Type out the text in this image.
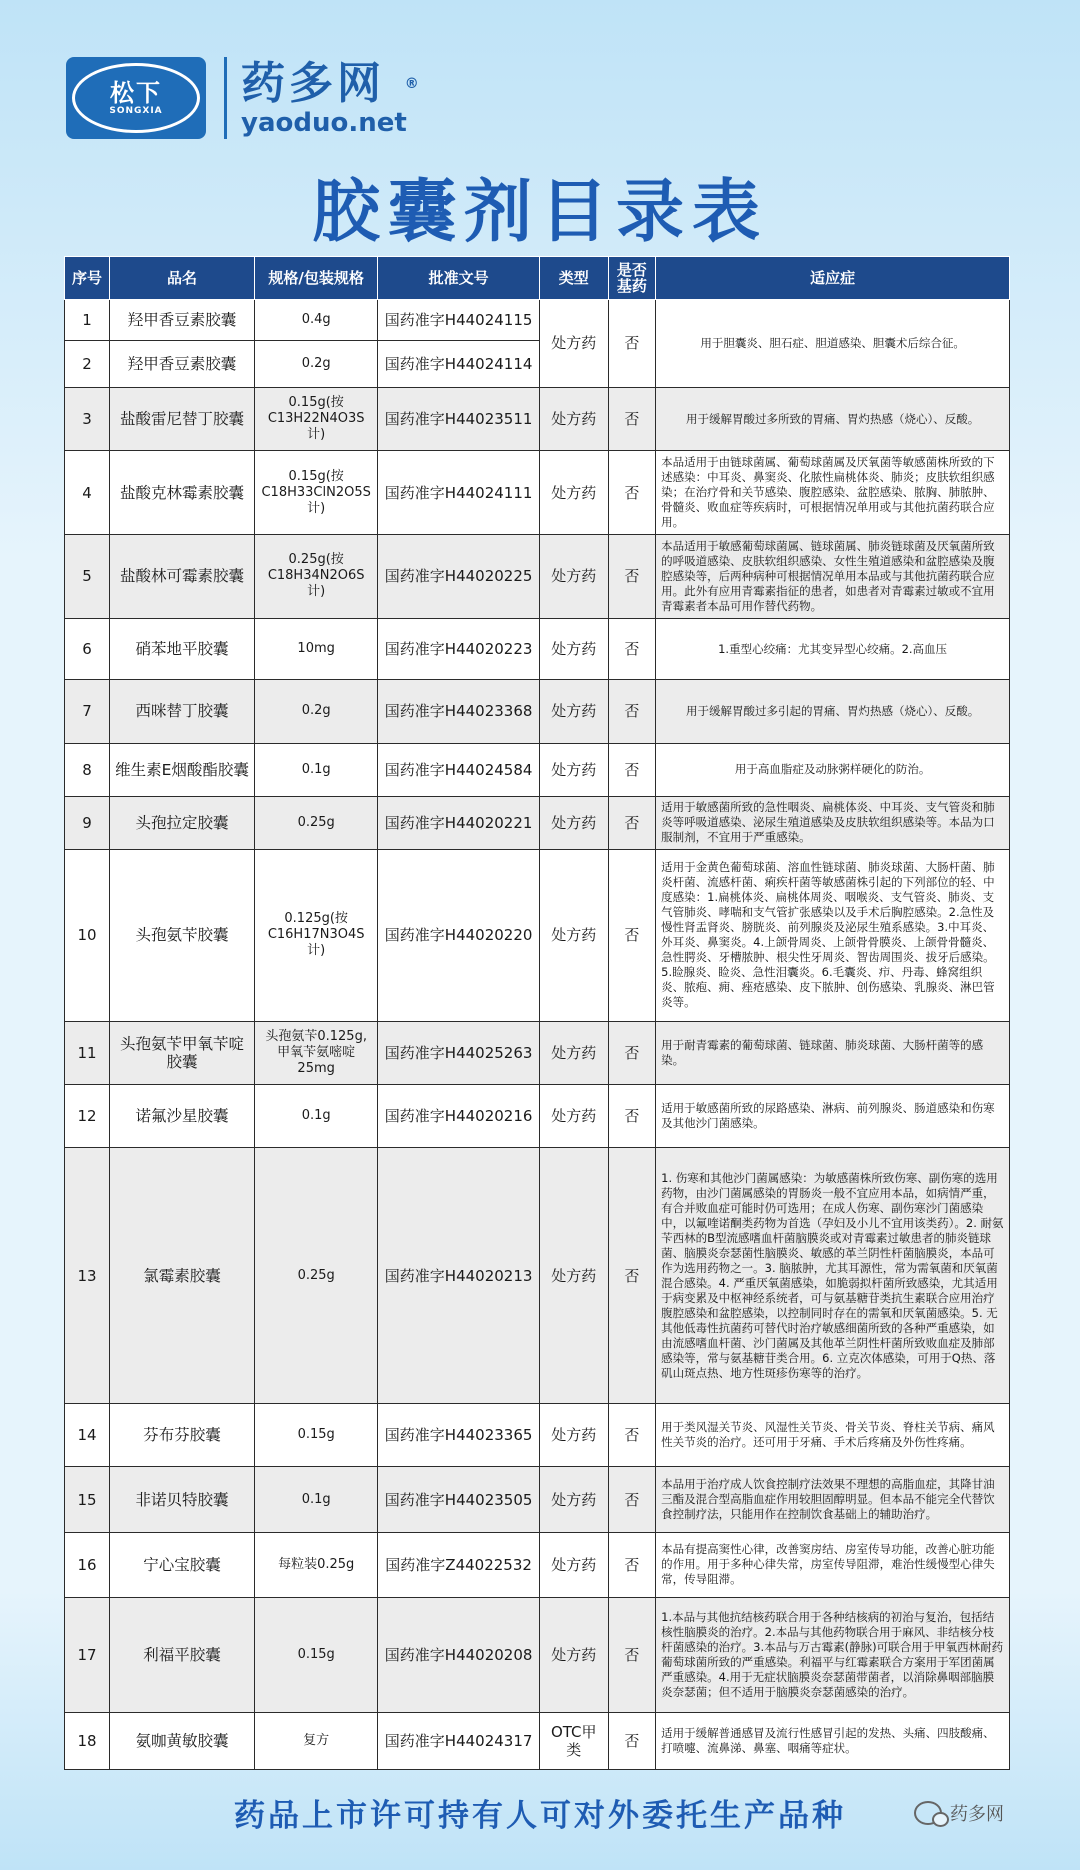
松下
SONGXIA
药多网 ®
yaoduo.net
胶囊剂目录表
序号	品名	规格/包装规格	批准文号	类型	是否基药	适应症
1	羟甲香豆素胶囊	0.4g	国药准字H44024115	处方药	否	用于胆囊炎、胆石症、胆道感染、胆囊术后综合征。
2	羟甲香豆素胶囊	0.2g	国药准字H44024114			
3	盐酸雷尼替丁胶囊	0.15g(按C13H22N4O3S计)	国药准字H44023511	处方药	否	用于缓解胃酸过多所致的胃痛、胃灼热感（烧心）、反酸。
4	盐酸克林霉素胶囊	0.15g(按C18H33ClN2O5S计)	国药准字H44024111	处方药	否	本品适用于由链球菌属、葡萄球菌属及厌氧菌等敏感菌株所致的下述感染：中耳炎、鼻窦炎、化脓性扁桃体炎、肺炎；皮肤软组织感染；在治疗骨和关节感染、腹腔感染、盆腔感染、脓胸、肺脓肿、骨髓炎、败血症等疾病时，可根据情况单用或与其他抗菌药联合应用。
5	盐酸林可霉素胶囊	0.25g(按C18H34N2O6S计)	国药准字H44020225	处方药	否	本品适用于敏感葡萄球菌属、链球菌属、肺炎链球菌及厌氧菌所致的呼吸道感染、皮肤软组织感染、女性生殖道感染和盆腔感染及腹腔感染等，后两种病种可根据情况单用本品或与其他抗菌药联合应用。此外有应用青霉素指征的患者，如患者对青霉素过敏或不宜用青霉素者本品可用作替代药物。
6	硝苯地平胶囊	10mg	国药准字H44020223	处方药	否	1.重型心绞痛：尤其变异型心绞痛。2.高血压
7	西咪替丁胶囊	0.2g	国药准字H44023368	处方药	否	用于缓解胃酸过多引起的胃痛、胃灼热感（烧心）、反酸。
8	维生素E烟酸酯胶囊	0.1g	国药准字H44024584	处方药	否	用于高血脂症及动脉粥样硬化的防治。
9	头孢拉定胶囊	0.25g	国药准字H44020221	处方药	否	适用于敏感菌所致的急性咽炎、扁桃体炎、中耳炎、支气管炎和肺炎等呼吸道感染、泌尿生殖道感染及皮肤软组织感染等。本品为口服制剂，不宜用于严重感染。
10	头孢氨苄胶囊	0.125g(按C16H17N3O4S计)	国药准字H44020220	处方药	否	适用于金黄色葡萄球菌、溶血性链球菌、肺炎球菌、大肠杆菌、肺炎杆菌、流感杆菌、痢疾杆菌等敏感菌株引起的下列部位的轻、中度感染：1.扁桃体炎、扁桃体周炎、咽喉炎、支气管炎、肺炎、支气管肺炎、哮喘和支气管扩张感染以及手术后胸腔感染。2.急性及慢性肾盂肾炎、膀胱炎、前列腺炎及泌尿生殖系感染。3.中耳炎、外耳炎、鼻窦炎。4.上颌骨周炎、上颌骨骨膜炎、上颌骨骨髓炎、急性腭炎、牙槽脓肿、根尖性牙周炎、智齿周围炎、拔牙后感染。5.睑腺炎、睑炎、急性泪囊炎。6.毛囊炎、疖、丹毒、蜂窝组织炎、脓疱、痈、痤疮感染、皮下脓肿、创伤感染、乳腺炎、淋巴管炎等。
11	头孢氨苄甲氧苄啶胶囊	头孢氨苄0.125g,甲氧苄氨嘧啶25mg	国药准字H44025263	处方药	否	用于耐青霉素的葡萄球菌、链球菌、肺炎球菌、大肠杆菌等的感染。
12	诺氟沙星胶囊	0.1g	国药准字H44020216	处方药	否	适用于敏感菌所致的尿路感染、淋病、前列腺炎、肠道感染和伤寒及其他沙门菌感染。
13	氯霉素胶囊	0.25g	国药准字H44020213	处方药	否	1. 伤寒和其他沙门菌属感染：为敏感菌株所致伤寒、副伤寒的选用药物，由沙门菌属感染的胃肠炎一般不宜应用本品，如病情严重，有合并败血症可能时仍可选用；在成人伤寒、副伤寒沙门菌感染中，以氟喹诺酮类药物为首选（孕妇及小儿不宜用该类药）。2. 耐氨苄西林的B型流感嗜血杆菌脑膜炎或对青霉素过敏患者的肺炎链球菌、脑膜炎奈瑟菌性脑膜炎、敏感的革兰阴性杆菌脑膜炎，本品可作为选用药物之一。3. 脑脓肿，尤其耳源性，常为需氧菌和厌氧菌混合感染。4. 严重厌氧菌感染，如脆弱拟杆菌所致感染，尤其适用于病变累及中枢神经系统者，可与氨基糖苷类抗生素联合应用治疗腹腔感染和盆腔感染，以控制同时存在的需氧和厌氧菌感染。5. 无其他低毒性抗菌药可替代时治疗敏感细菌所致的各种严重感染，如由流感嗜血杆菌、沙门菌属及其他革兰阴性杆菌所致败血症及肺部感染等，常与氨基糖苷类合用。6. 立克次体感染，可用于Q热、落矶山斑点热、地方性斑疹伤寒等的治疗。
14	芬布芬胶囊	0.15g	国药准字H44023365	处方药	否	用于类风湿关节炎、风湿性关节炎、骨关节炎、脊柱关节病、痛风性关节炎的治疗。还可用于牙痛、手术后疼痛及外伤性疼痛。
15	非诺贝特胶囊	0.1g	国药准字H44023505	处方药	否	本品用于治疗成人饮食控制疗法效果不理想的高脂血症，其降甘油三酯及混合型高脂血症作用较胆固醇明显。但本品不能完全代替饮食控制疗法，只能用作在控制饮食基础上的辅助治疗。
16	宁心宝胶囊	每粒装0.25g	国药准字Z44022532	处方药	否	本品有提高窦性心律，改善窦房结、房室传导功能，改善心脏功能的作用。用于多种心律失常，房室传导阻滞，难治性缓慢型心律失常，传导阻滞。
17	利福平胶囊	0.15g	国药准字H44020208	处方药	否	1.本品与其他抗结核药联合用于各种结核病的初治与复治，包括结核性脑膜炎的治疗。2.本品与其他药物联合用于麻风、非结核分枝杆菌感染的治疗。3.本品与万古霉素(静脉)可联合用于甲氧西林耐药葡萄球菌所致的严重感染。利福平与红霉素联合方案用于军团菌属严重感染。4.用于无症状脑膜炎奈瑟菌带菌者，以消除鼻咽部脑膜炎奈瑟菌；但不适用于脑膜炎奈瑟菌感染的治疗。
18	氨咖黄敏胶囊	复方	国药准字H44024317	OTC甲类	否	适用于缓解普通感冒及流行性感冒引起的发热、头痛、四肢酸痛、打喷嚏、流鼻涕、鼻塞、咽痛等症状。
药品上市许可持有人可对外委托生产品种	药多网
